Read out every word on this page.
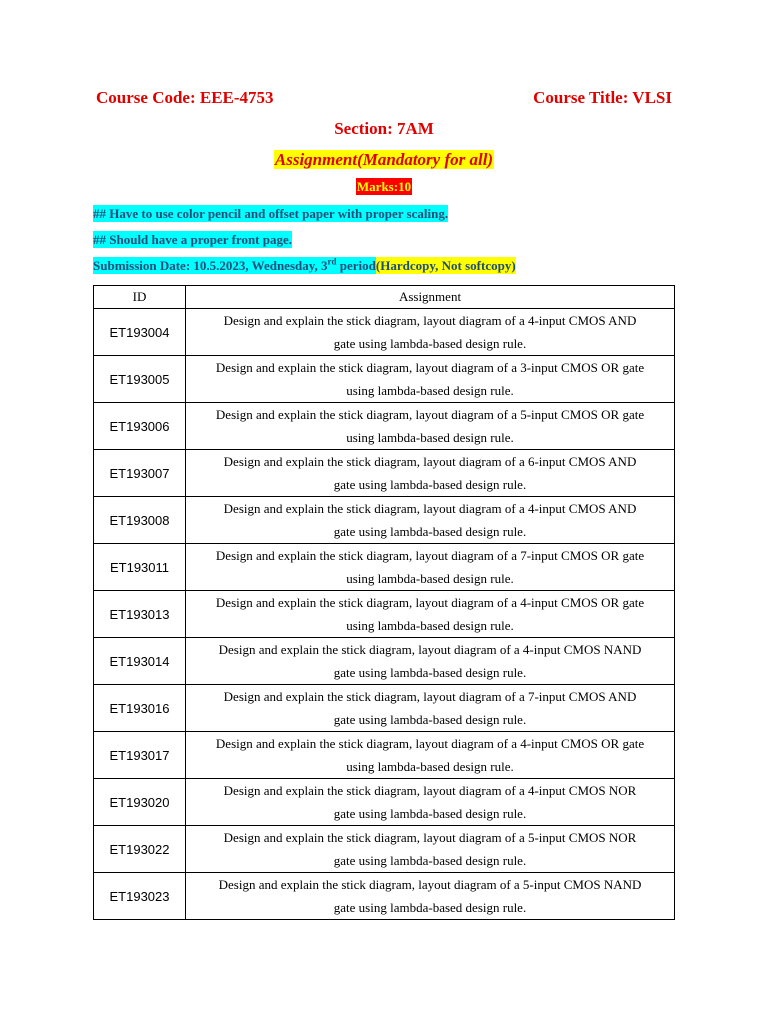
Course Code: EEE-4753	Course Title: VLSI
Section: 7AM
Assignment(Mandatory for all)
Marks:10
## Have to use color pencil and offset paper with proper scaling.
## Should have a proper front page.
Submission Date: 10.5.2023, Wednesday, 3rd period(Hardcopy, Not softcopy)
ID	Assignment
ET193004	Design and explain the stick diagram, layout diagram of a 4-input CMOS AND
gate using lambda-based design rule.

ET193005	Design and explain the stick diagram, layout diagram of a 3-input CMOS OR gate
using lambda-based design rule.

ET193006	Design and explain the stick diagram, layout diagram of a 5-input CMOS OR gate
using lambda-based design rule.

ET193007	Design and explain the stick diagram, layout diagram of a 6-input CMOS AND
gate using lambda-based design rule.

ET193008	Design and explain the stick diagram, layout diagram of a 4-input CMOS AND
gate using lambda-based design rule.

ET193011	Design and explain the stick diagram, layout diagram of a 7-input CMOS OR gate
using lambda-based design rule.

ET193013	Design and explain the stick diagram, layout diagram of a 4-input CMOS OR gate
using lambda-based design rule.

ET193014	Design and explain the stick diagram, layout diagram of a 4-input CMOS NAND
gate using lambda-based design rule.

ET193016	Design and explain the stick diagram, layout diagram of a 7-input CMOS AND
gate using lambda-based design rule.

ET193017	Design and explain the stick diagram, layout diagram of a 4-input CMOS OR gate
using lambda-based design rule.

ET193020	Design and explain the stick diagram, layout diagram of a 4-input CMOS NOR
gate using lambda-based design rule.

ET193022	Design and explain the stick diagram, layout diagram of a 5-input CMOS NOR
gate using lambda-based design rule.

ET193023	Design and explain the stick diagram, layout diagram of a 5-input CMOS NAND
gate using lambda-based design rule.
